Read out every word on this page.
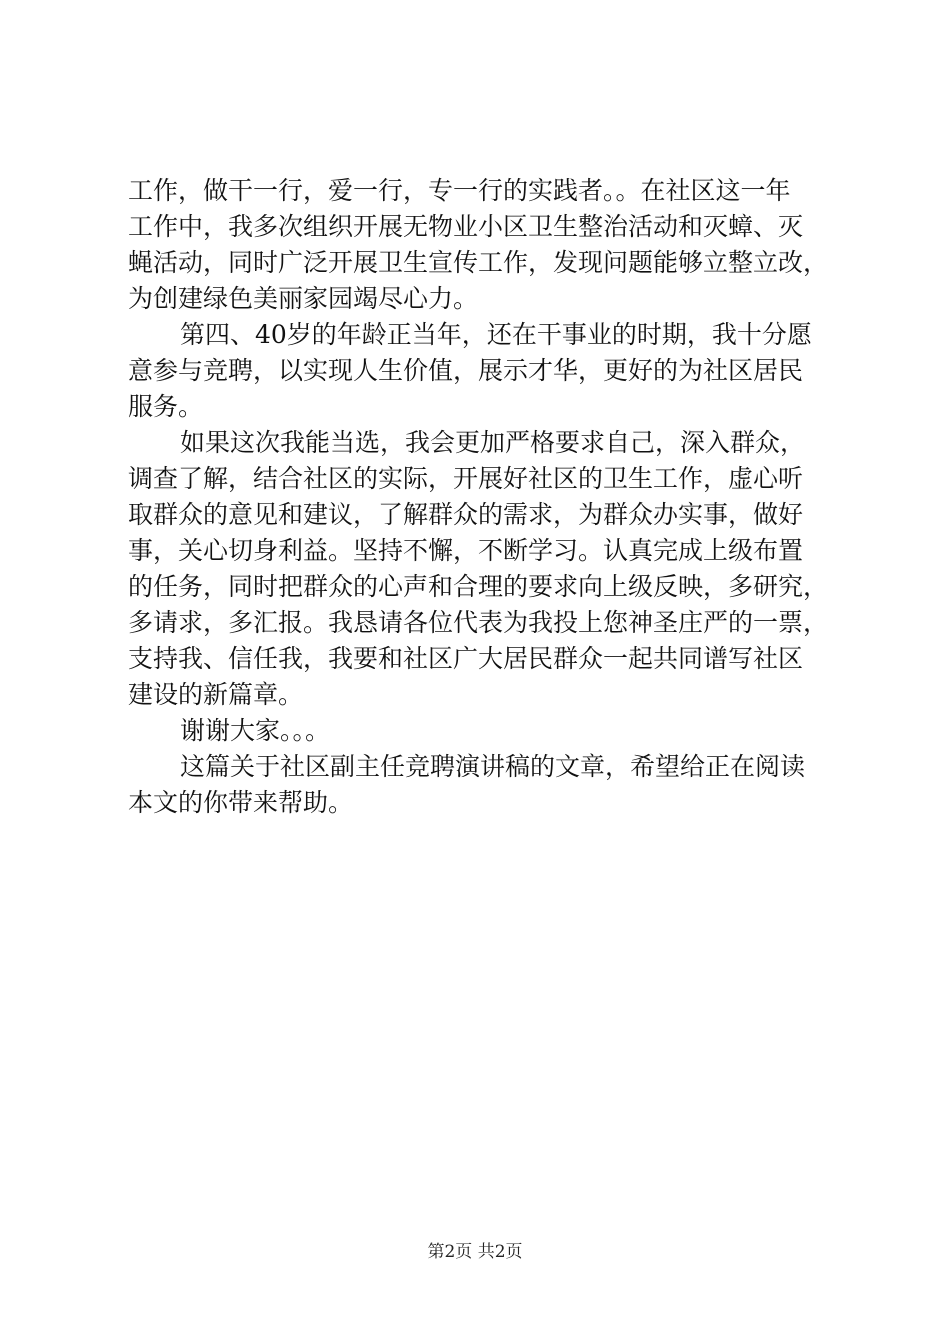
工作，做干一行，爱一行，专一行的实践者。。在社区这一年
工作中，我多次组织开展无物业小区卫生整治活动和灭蟑、灭
蝇活动，同时广泛开展卫生宣传工作，发现问题能够立整立改，
为创建绿色美丽家园竭尽心力。
第四、40岁的年龄正当年，还在干事业的时期，我十分愿
意参与竞聘，以实现人生价值，展示才华，更好的为社区居民
服务。
如果这次我能当选，我会更加严格要求自己，深入群众，
调查了解，结合社区的实际，开展好社区的卫生工作，虚心听
取群众的意见和建议，了解群众的需求，为群众办实事，做好
事，关心切身利益。坚持不懈，不断学习。认真完成上级布置
的任务，同时把群众的心声和合理的要求向上级反映，多研究，
多请求，多汇报。我恳请各位代表为我投上您神圣庄严的一票，
支持我、信任我，我要和社区广大居民群众一起共同谱写社区
建设的新篇章。
谢谢大家。。。
这篇关于社区副主任竞聘演讲稿的文章，希望给正在阅读
本文的你带来帮助。
第2页 共2页
